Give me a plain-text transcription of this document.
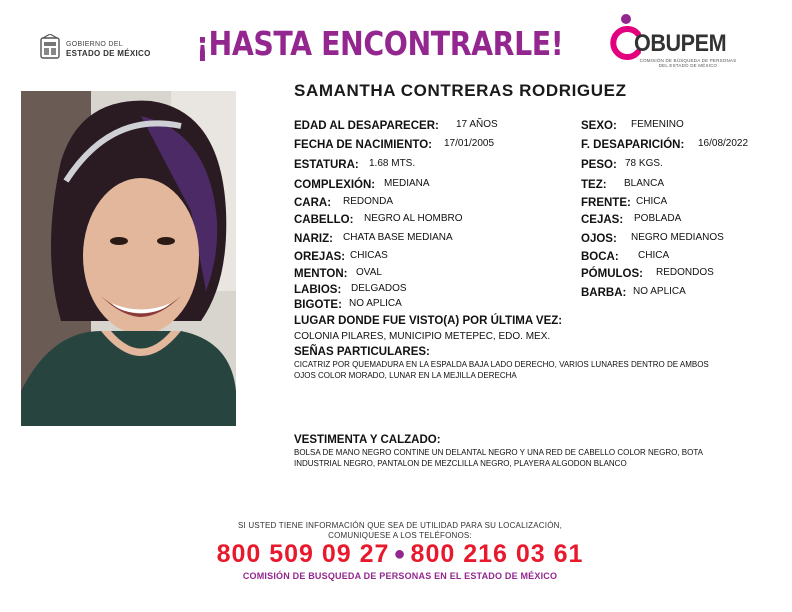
GOBIERNO DEL
ESTADO DE MÉXICO ¡HASTA ENCONTRARLE!	OBUPEM
COMISIÓN DE BÚSQUEDA DE PERSONAS DEL ESTADO DE MÉXICO
SAMANTHA CONTRERAS RODRIGUEZ
EDAD AL DESAPARECER: 17 AÑOS
FECHA DE NACIMIENTO: 17/01/2005
ESTATURA: 1.68 MTS.
COMPLEXIÓN: MEDIANA
CARA: REDONDA
CABELLO: NEGRO AL HOMBRO
NARIZ: CHATA BASE MEDIANA
OREJAS: CHICAS
MENTON: OVAL
LABIOS: DELGADOS
BIGOTE: NO APLICA
SEXO: FEMENINO
F. DESAPARICIÓN: 16/08/2022
PESO: 78 KGS.
TEZ: BLANCA
FRENTE: CHICA
CEJAS: POBLADA
OJOS: NEGRO MEDIANOS
BOCA: CHICA
PÓMULOS: REDONDOS
BARBA: NO APLICA
LUGAR DONDE FUE VISTO(A) POR ÚLTIMA VEZ:
COLONIA PILARES, MUNICIPIO METEPEC, EDO. MEX.
SEÑAS PARTICULARES:
CICATRIZ POR QUEMADURA EN LA ESPALDA BAJA LADO DERECHO, VARIOS LUNARES DENTRO DE AMBOS
OJOS COLOR MORADO, LUNAR EN LA MEJILLA DERECHA
VESTIMENTA Y CALZADO:
BOLSA DE MANO NEGRO CONTINE UN DELANTAL NEGRO Y UNA RED DE CABELLO COLOR NEGRO, BOTA
INDUSTRIAL NEGRO, PANTALON DE MEZCLILLA NEGRO, PLAYERA ALGODON BLANCO
SI USTED TIENE INFORMACIÓN QUE SEA DE UTILIDAD PARA SU LOCALIZACIÓN,
COMUNIQUESE A LOS TELÉFONOS:
800 509 09 27 ● 800 216 03 61
COMISIÓN DE BUSQUEDA DE PERSONAS EN EL ESTADO DE MÉXICO
